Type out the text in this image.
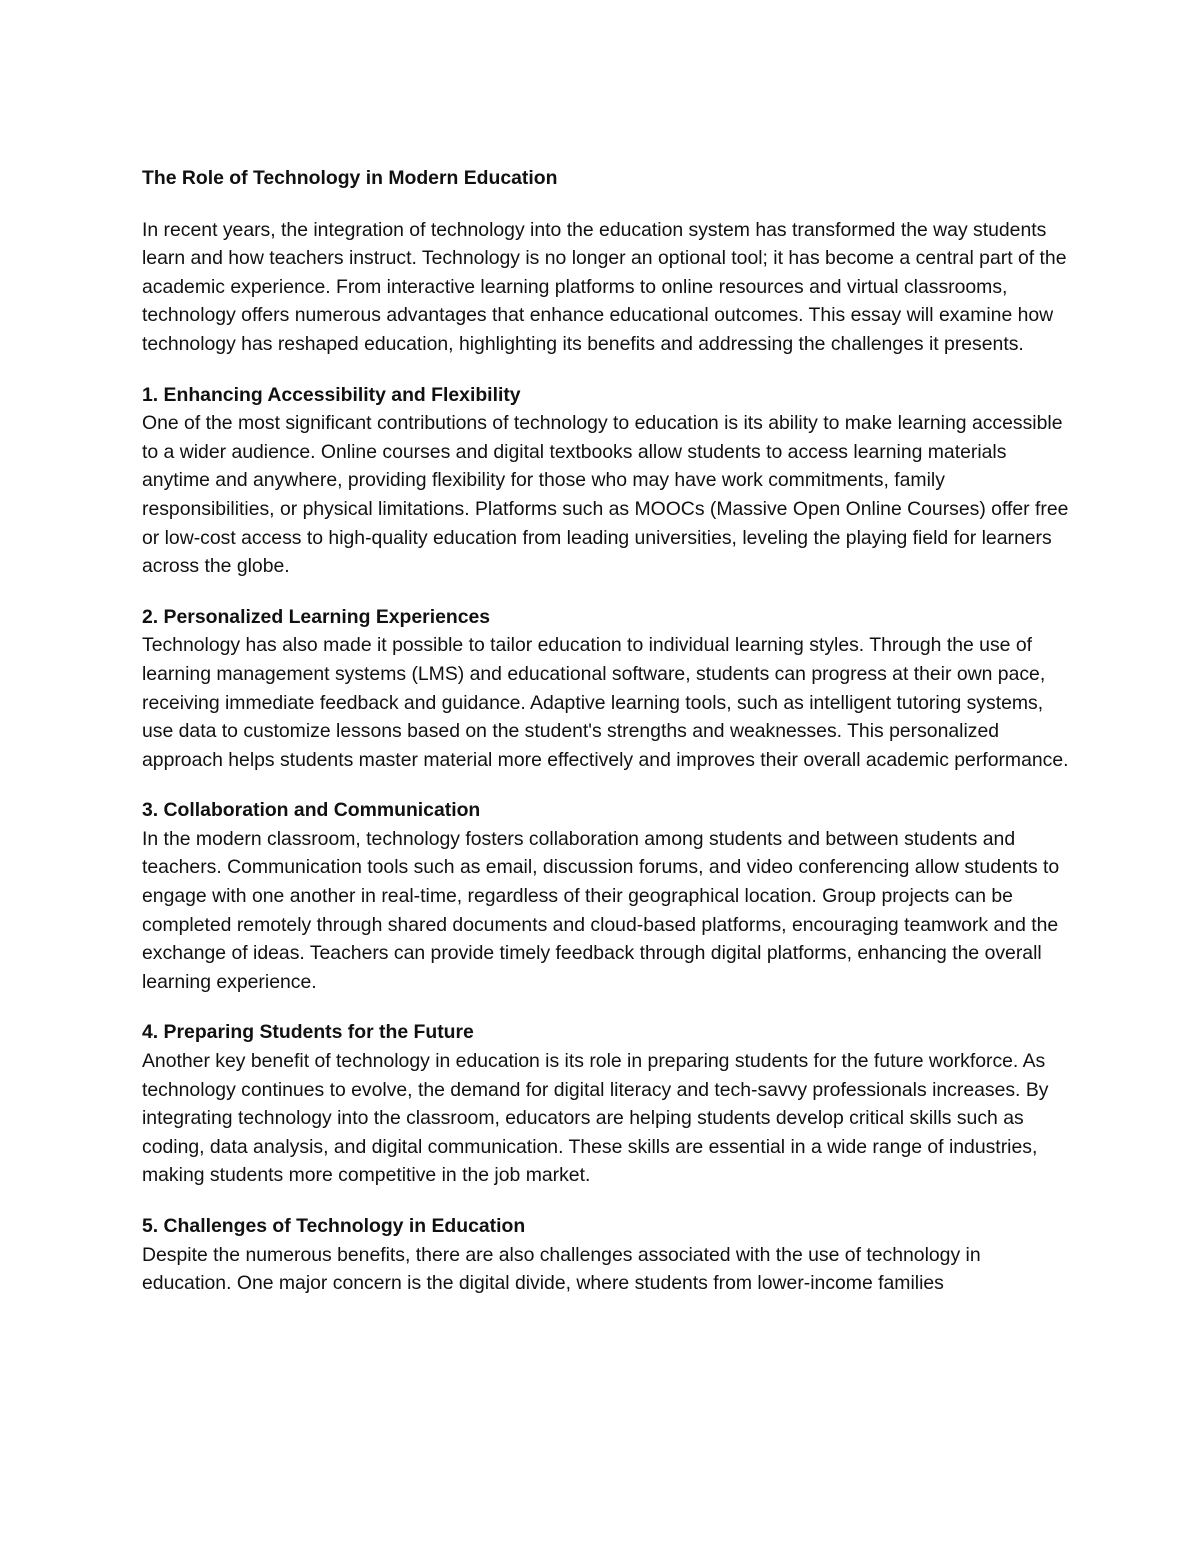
The Role of Technology in Modern Education

In recent years, the integration of technology into the education system has transformed the way students learn and how teachers instruct. Technology is no longer an optional tool; it has become a central part of the academic experience. From interactive learning platforms to online resources and virtual classrooms, technology offers numerous advantages that enhance educational outcomes. This essay will examine how technology has reshaped education, highlighting its benefits and addressing the challenges it presents.

1. Enhancing Accessibility and Flexibility

One of the most significant contributions of technology to education is its ability to make learning accessible to a wider audience. Online courses and digital textbooks allow students to access learning materials anytime and anywhere, providing flexibility for those who may have work commitments, family responsibilities, or physical limitations. Platforms such as MOOCs (Massive Open Online Courses) offer free or low-cost access to high-quality education from leading universities, leveling the playing field for learners across the globe.

2. Personalized Learning Experiences

Technology has also made it possible to tailor education to individual learning styles. Through the use of learning management systems (LMS) and educational software, students can progress at their own pace, receiving immediate feedback and guidance. Adaptive learning tools, such as intelligent tutoring systems, use data to customize lessons based on the student's strengths and weaknesses. This personalized approach helps students master material more effectively and improves their overall academic performance.

3. Collaboration and Communication

In the modern classroom, technology fosters collaboration among students and between students and teachers. Communication tools such as email, discussion forums, and video conferencing allow students to engage with one another in real-time, regardless of their geographical location. Group projects can be completed remotely through shared documents and cloud-based platforms, encouraging teamwork and the exchange of ideas. Teachers can provide timely feedback through digital platforms, enhancing the overall learning experience.

4. Preparing Students for the Future

Another key benefit of technology in education is its role in preparing students for the future workforce. As technology continues to evolve, the demand for digital literacy and tech-savvy professionals increases. By integrating technology into the classroom, educators are helping students develop critical skills such as coding, data analysis, and digital communication. These skills are essential in a wide range of industries, making students more competitive in the job market.

5. Challenges of Technology in Education

Despite the numerous benefits, there are also challenges associated with the use of technology in education. One major concern is the digital divide, where students from lower-income families
